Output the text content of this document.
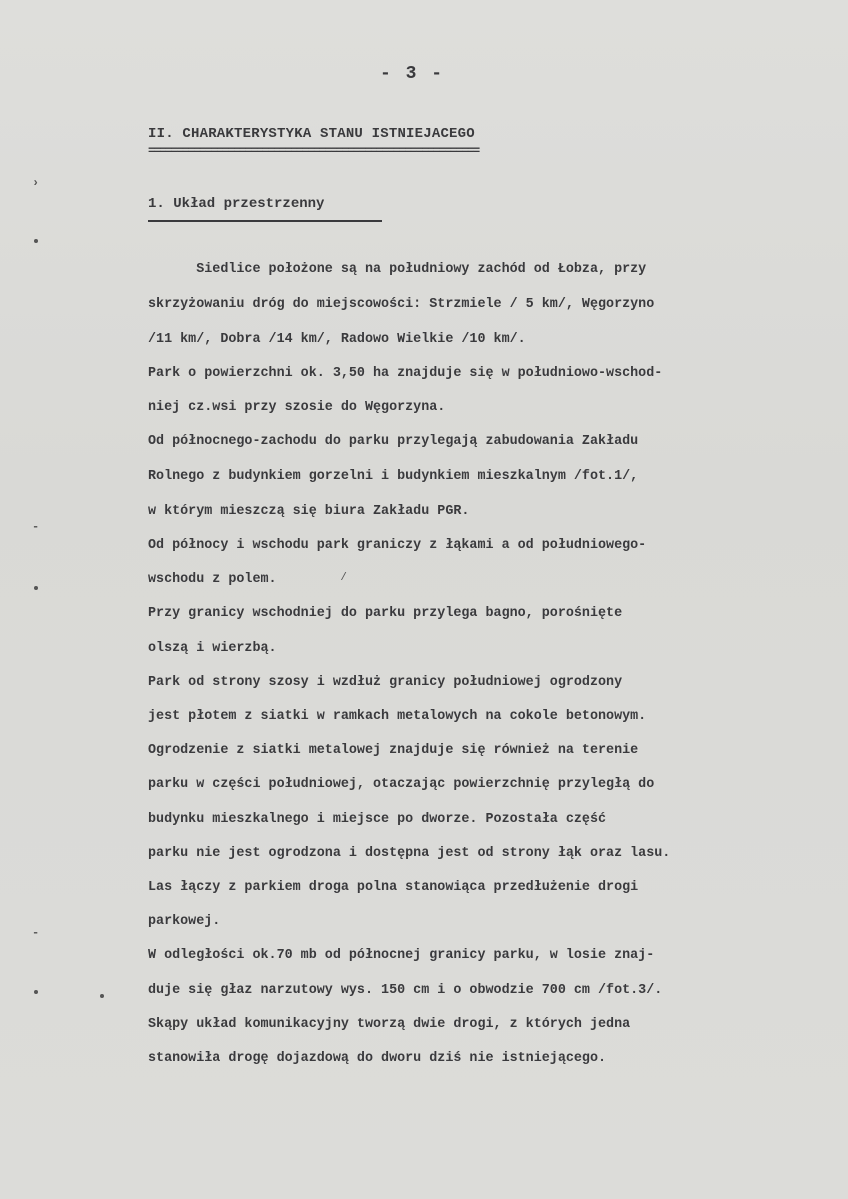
- 3 -
II. CHARAKTERYSTYKA STANU ISTNIEJACEGO
==========================================================
1. Układ przestrzenny
Siedlice położone są na południowy zachód od Łobza, przy
skrzyżowaniu dróg do miejscowości: Strzmiele / 5 km/, Węgorzyno
/11 km/, Dobra /14 km/, Radowo Wielkie /10 km/.
Park o powierzchni ok. 3,50 ha znajduje się w południowo-wschod-
niej cz.wsi przy szosie do Węgorzyna.
Od północnego-zachodu do parku przylegają zabudowania Zakładu
Rolnego z budynkiem gorzelni i budynkiem mieszkalnym /fot.1/,
w którym mieszczą się biura Zakładu PGR.
Od północy i wschodu park graniczy z łąkami a od południowego-
wschodu z polem.
Przy granicy wschodniej do parku przylega bagno, porośnięte
olszą i wierzbą.
Park od strony szosy i wzdłuż granicy południowej ogrodzony
jest płotem z siatki w ramkach metalowych na cokole betonowym.
Ogrodzenie z siatki metalowej znajduje się również na terenie
parku w części południowej, otaczając powierzchnię przyległą do
budynku mieszkalnego i miejsce po dworze. Pozostała część
parku nie jest ogrodzona i dostępna jest od strony łąk oraz lasu.
Las łączy z parkiem droga polna stanowiąca przedłużenie drogi
parkowej.
W odległości ok.70 mb od północnej granicy parku, w losie znaj-
duje się głaz narzutowy wys. 150 cm i o obwodzie 700 cm /fot.3/.
Skąpy układ komunikacyjny tworzą dwie drogi, z których jedna
stanowiła drogę dojazdową do dworu dziś nie istniejącego.
›
-
-
⁄
